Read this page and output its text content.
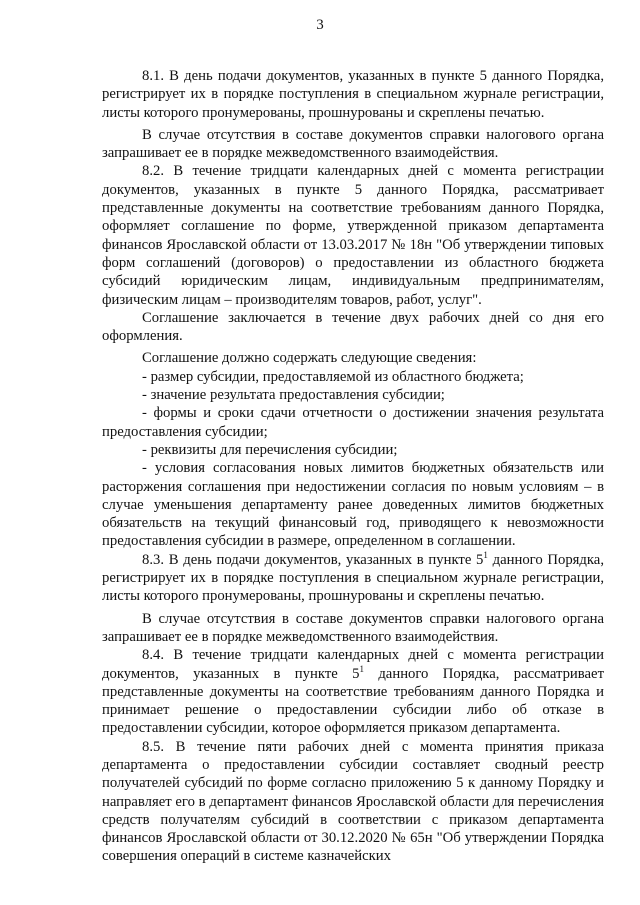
3

8.1. В день подачи документов, указанных в пункте 5 данного Порядка, регистрирует их в порядке поступления в специальном журнале регистрации, листы которого пронумерованы, прошнурованы и скреплены печатью.

В случае отсутствия в составе документов справки налогового органа запрашивает ее в порядке межведомственного взаимодействия.

8.2. В течение тридцати календарных дней с момента регистрации документов, указанных в пункте 5 данного Порядка, рассматривает представленные документы на соответствие требованиям данного Порядка, оформляет соглашение по форме, утвержденной приказом департамента финансов Ярославской области от 13.03.2017 № 18н "Об утверждении типовых форм соглашений (договоров) о предоставлении из областного бюджета субсидий юридическим лицам, индивидуальным предпринимателям, физическим лицам – производителям товаров, работ, услуг".

Соглашение заключается в течение двух рабочих дней со дня его оформления.

Соглашение должно содержать следующие сведения:

- размер субсидии, предоставляемой из областного бюджета;

- значение результата предоставления субсидии;

- формы и сроки сдачи отчетности о достижении значения результата предоставления субсидии;

- реквизиты для перечисления субсидии;

- условия согласования новых лимитов бюджетных обязательств или расторжения соглашения при недостижении согласия по новым условиям – в случае уменьшения департаменту ранее доведенных лимитов бюджетных обязательств на текущий финансовый год, приводящего к невозможности предоставления субсидии в размере, определенном в соглашении.

8.3. В день подачи документов, указанных в пункте $5^1$ данного Порядка, регистрирует их в порядке поступления в специальном журнале регистрации, листы которого пронумерованы, прошнурованы и скреплены печатью.

В случае отсутствия в составе документов справки налогового органа запрашивает ее в порядке межведомственного взаимодействия.

8.4. В течение тридцати календарных дней с момента регистрации документов, указанных в пункте $5^1$ данного Порядка, рассматривает представленные документы на соответствие требованиям данного Порядка и принимает решение о предоставлении субсидии либо об отказе в предоставлении субсидии, которое оформляется приказом департамента.

8.5. В течение пяти рабочих дней с момента принятия приказа департамента о предоставлении субсидии составляет сводный реестр получателей субсидий по форме согласно приложению 5 к данному Порядку и направляет его в департамент финансов Ярославской области для перечисления средств получателям субсидий в соответствии с приказом департамента финансов Ярославской области от 30.12.2020 № 65н "Об утверждении Порядка совершения операций в системе казначейских
